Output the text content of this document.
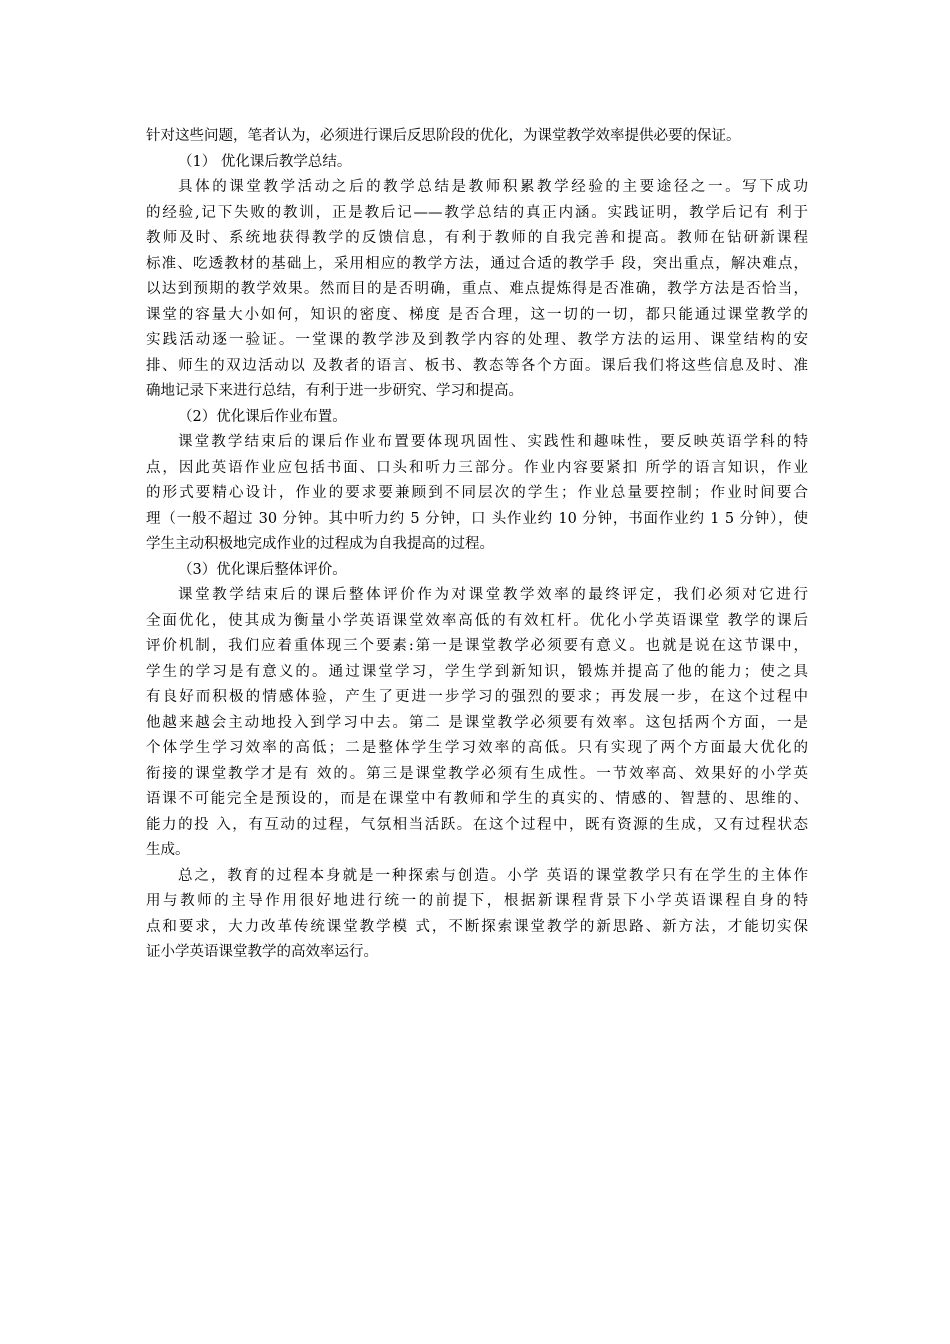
针对这些问题，笔者认为，必须进行课后反思阶段的优化，为课堂教学效率提供必要的保证。
（1） 优化课后教学总结。
具体的课堂教学活动之后的教学总结是教师积累教学经验的主要途径之一。写下成功
的经验,记下失败的教训，正是教后记——教学总结的真正内涵。实践证明，教学后记有 利于
教师及时、系统地获得教学的反馈信息，有利于教师的自我完善和提高。教师在钻研新课程
标准、吃透教材的基础上，采用相应的教学方法，通过合适的教学手 段，突出重点，解决难点，
以达到预期的教学效果。然而目的是否明确，重点、难点提炼得是否准确，教学方法是否恰当，
课堂的容量大小如何，知识的密度、梯度 是否合理，这一切的一切，都只能通过课堂教学的
实践活动逐一验证。一堂课的教学涉及到教学内容的处理、教学方法的运用、课堂结构的安
排、师生的双边活动以 及教者的语言、板书、教态等各个方面。课后我们将这些信息及时、准
确地记录下来进行总结，有利于进一步研究、学习和提高。
（2）优化课后作业布置。
课堂教学结束后的课后作业布置要体现巩固性、实践性和趣味性，要反映英语学科的特
点，因此英语作业应包括书面、口头和听力三部分。作业内容要紧扣 所学的语言知识，作业
的形式要精心设计，作业的要求要兼顾到不同层次的学生；作业总量要控制；作业时间要合
理（一般不超过 30 分钟。其中听力约 5 分钟，口 头作业约 10 分钟，书面作业约 1 5 分钟），使
学生主动积极地完成作业的过程成为自我提高的过程。
（3）优化课后整体评价。
课堂教学结束后的课后整体评价作为对课堂教学效率的最终评定，我们必须对它进行
全面优化，使其成为衡量小学英语课堂效率高低的有效杠杆。优化小学英语课堂 教学的课后
评价机制，我们应着重体现三个要素:第一是课堂教学必须要有意义。也就是说在这节课中，
学生的学习是有意义的。通过课堂学习，学生学到新知识，锻炼并提高了他的能力；使之具
有良好而积极的情感体验，产生了更进一步学习的强烈的要求；再发展一步，在这个过程中
他越来越会主动地投入到学习中去。第二 是课堂教学必须要有效率。这包括两个方面，一是
个体学生学习效率的高低；二是整体学生学习效率的高低。只有实现了两个方面最大优化的
衔接的课堂教学才是有 效的。第三是课堂教学必须有生成性。一节效率高、效果好的小学英
语课不可能完全是预设的，而是在课堂中有教师和学生的真实的、情感的、智慧的、思维的、
能力的投 入，有互动的过程，气氛相当活跃。在这个过程中，既有资源的生成，又有过程状态
生成。
总之，教育的过程本身就是一种探索与创造。小学 英语的课堂教学只有在学生的主体作
用与教师的主导作用很好地进行统一的前提下，根据新课程背景下小学英语课程自身的特
点和要求，大力改革传统课堂教学模 式，不断探索课堂教学的新思路、新方法，才能切实保
证小学英语课堂教学的高效率运行。
